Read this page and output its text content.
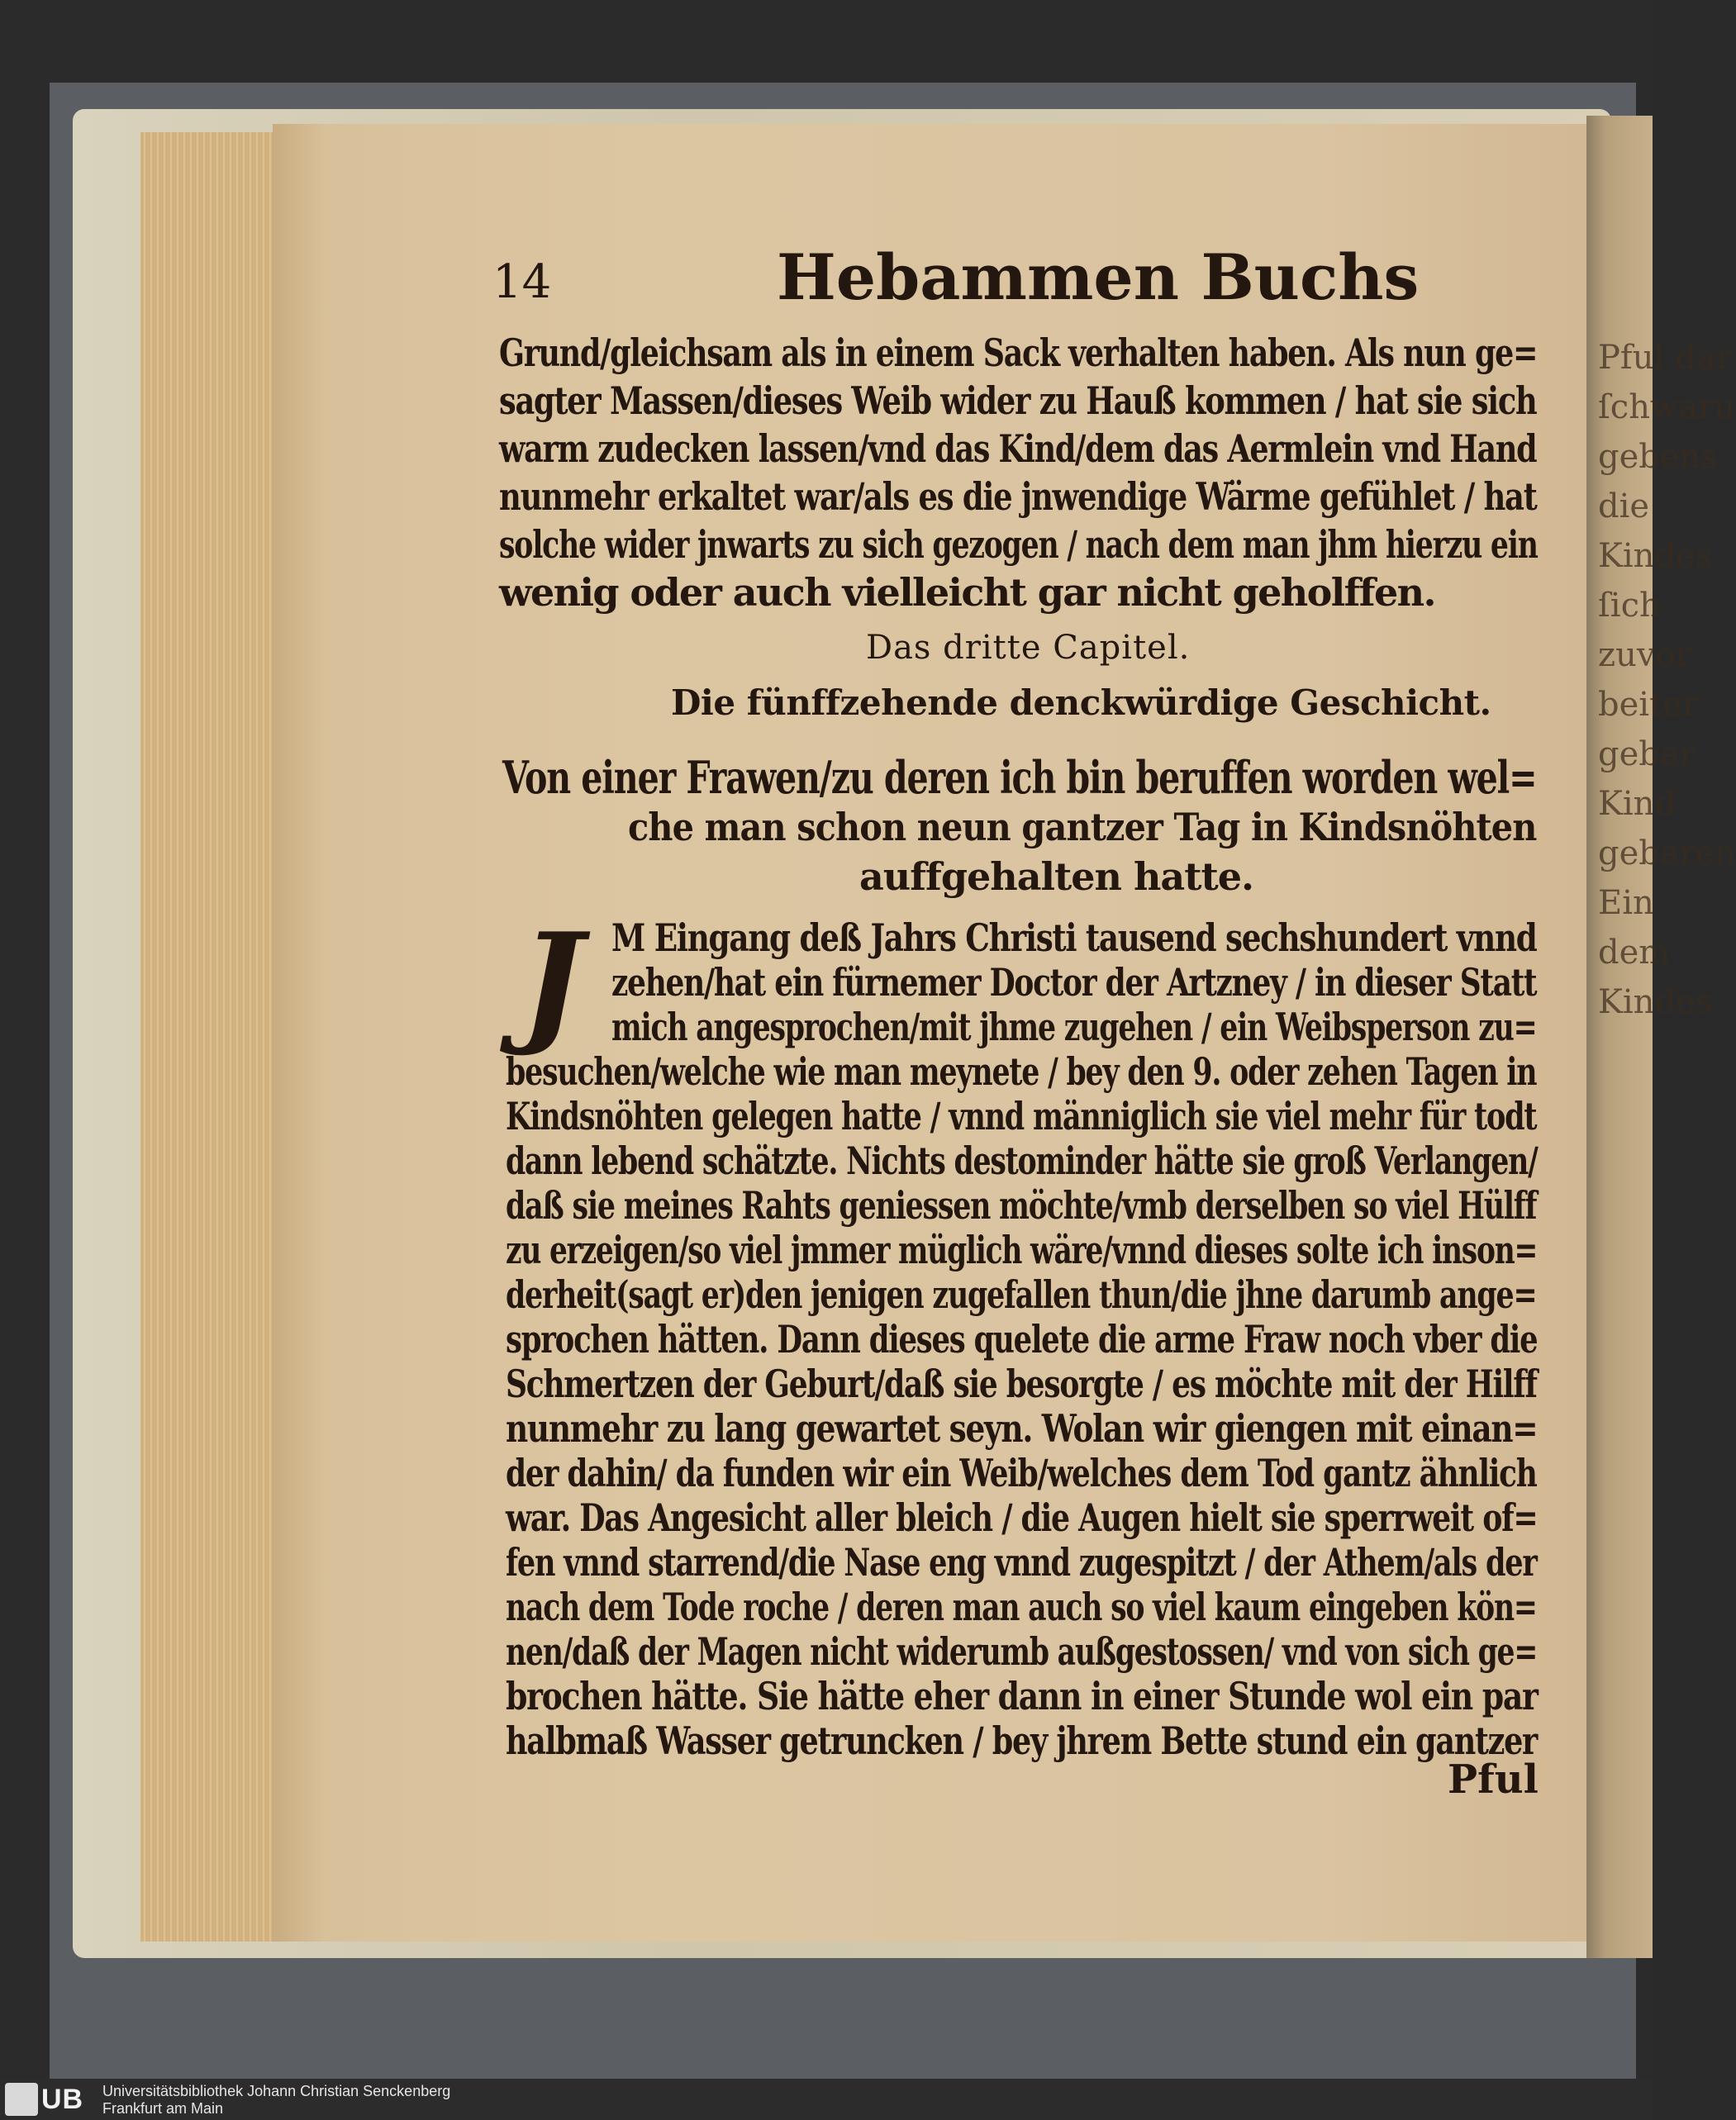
Pful dar
ſchwaru
gebens
die
Kindes
ſich
zuvor
beiter
gebar
Kind
gebaren
Ein
dem
Kindes
14	Hebammen Buchs
Grund/gleichsam als in einem Sack verhalten haben. Als nun ge=
sagter Massen/dieses Weib wider zu Hauß kommen / hat sie sich
warm zudecken lassen/vnd das Kind/dem das Aermlein vnd Hand
nunmehr erkaltet war/als es die jnwendige Wärme gefühlet / hat
solche wider jnwarts zu sich gezogen / nach dem man jhm hierzu ein
wenig oder auch vielleicht gar nicht geholffen.
Das dritte Capitel.
Die fünffzehende denckwürdige Geschicht.
Von einer Frawen/zu deren ich bin beruffen worden wel=
che man schon neun gantzer Tag in Kindsnöhten
auffgehalten hatte.
J M Eingang deß Jahrs Christi tausend sechshundert vnnd
zehen/hat ein fürnemer Doctor der Artzney / in dieser Statt
mich angesprochen/mit jhme zugehen / ein Weibsperson zu=
besuchen/welche wie man meynete / bey den 9. oder zehen Tagen in
Kindsnöhten gelegen hatte / vnnd männiglich sie viel mehr für todt
dann lebend schätzte. Nichts destominder hätte sie groß Verlangen/
daß sie meines Rahts geniessen möchte/vmb derselben so viel Hülff
zu erzeigen/so viel jmmer müglich wäre/vnnd dieses solte ich inson=
derheit(sagt er)den jenigen zugefallen thun/die jhne darumb ange=
sprochen hätten. Dann dieses quelete die arme Fraw noch vber die
Schmertzen der Geburt/daß sie besorgte / es möchte mit der Hilff
nunmehr zu lang gewartet seyn. Wolan wir giengen mit einan=
der dahin/ da funden wir ein Weib/welches dem Tod gantz ähnlich
war. Das Angesicht aller bleich / die Augen hielt sie sperrweit of=
fen vnnd starrend/die Nase eng vnnd zugespitzt / der Athem/als der
nach dem Tode roche / deren man auch so viel kaum eingeben kön=
nen/daß der Magen nicht widerumb außgestossen/ vnd von sich ge=
brochen hätte. Sie hätte eher dann in einer Stunde wol ein par
halbmaß Wasser getruncken / bey jhrem Bette stund ein gantzer
Pful
UB Universitätsbibliothek Johann Christian Senckenberg
Frankfurt am Main
